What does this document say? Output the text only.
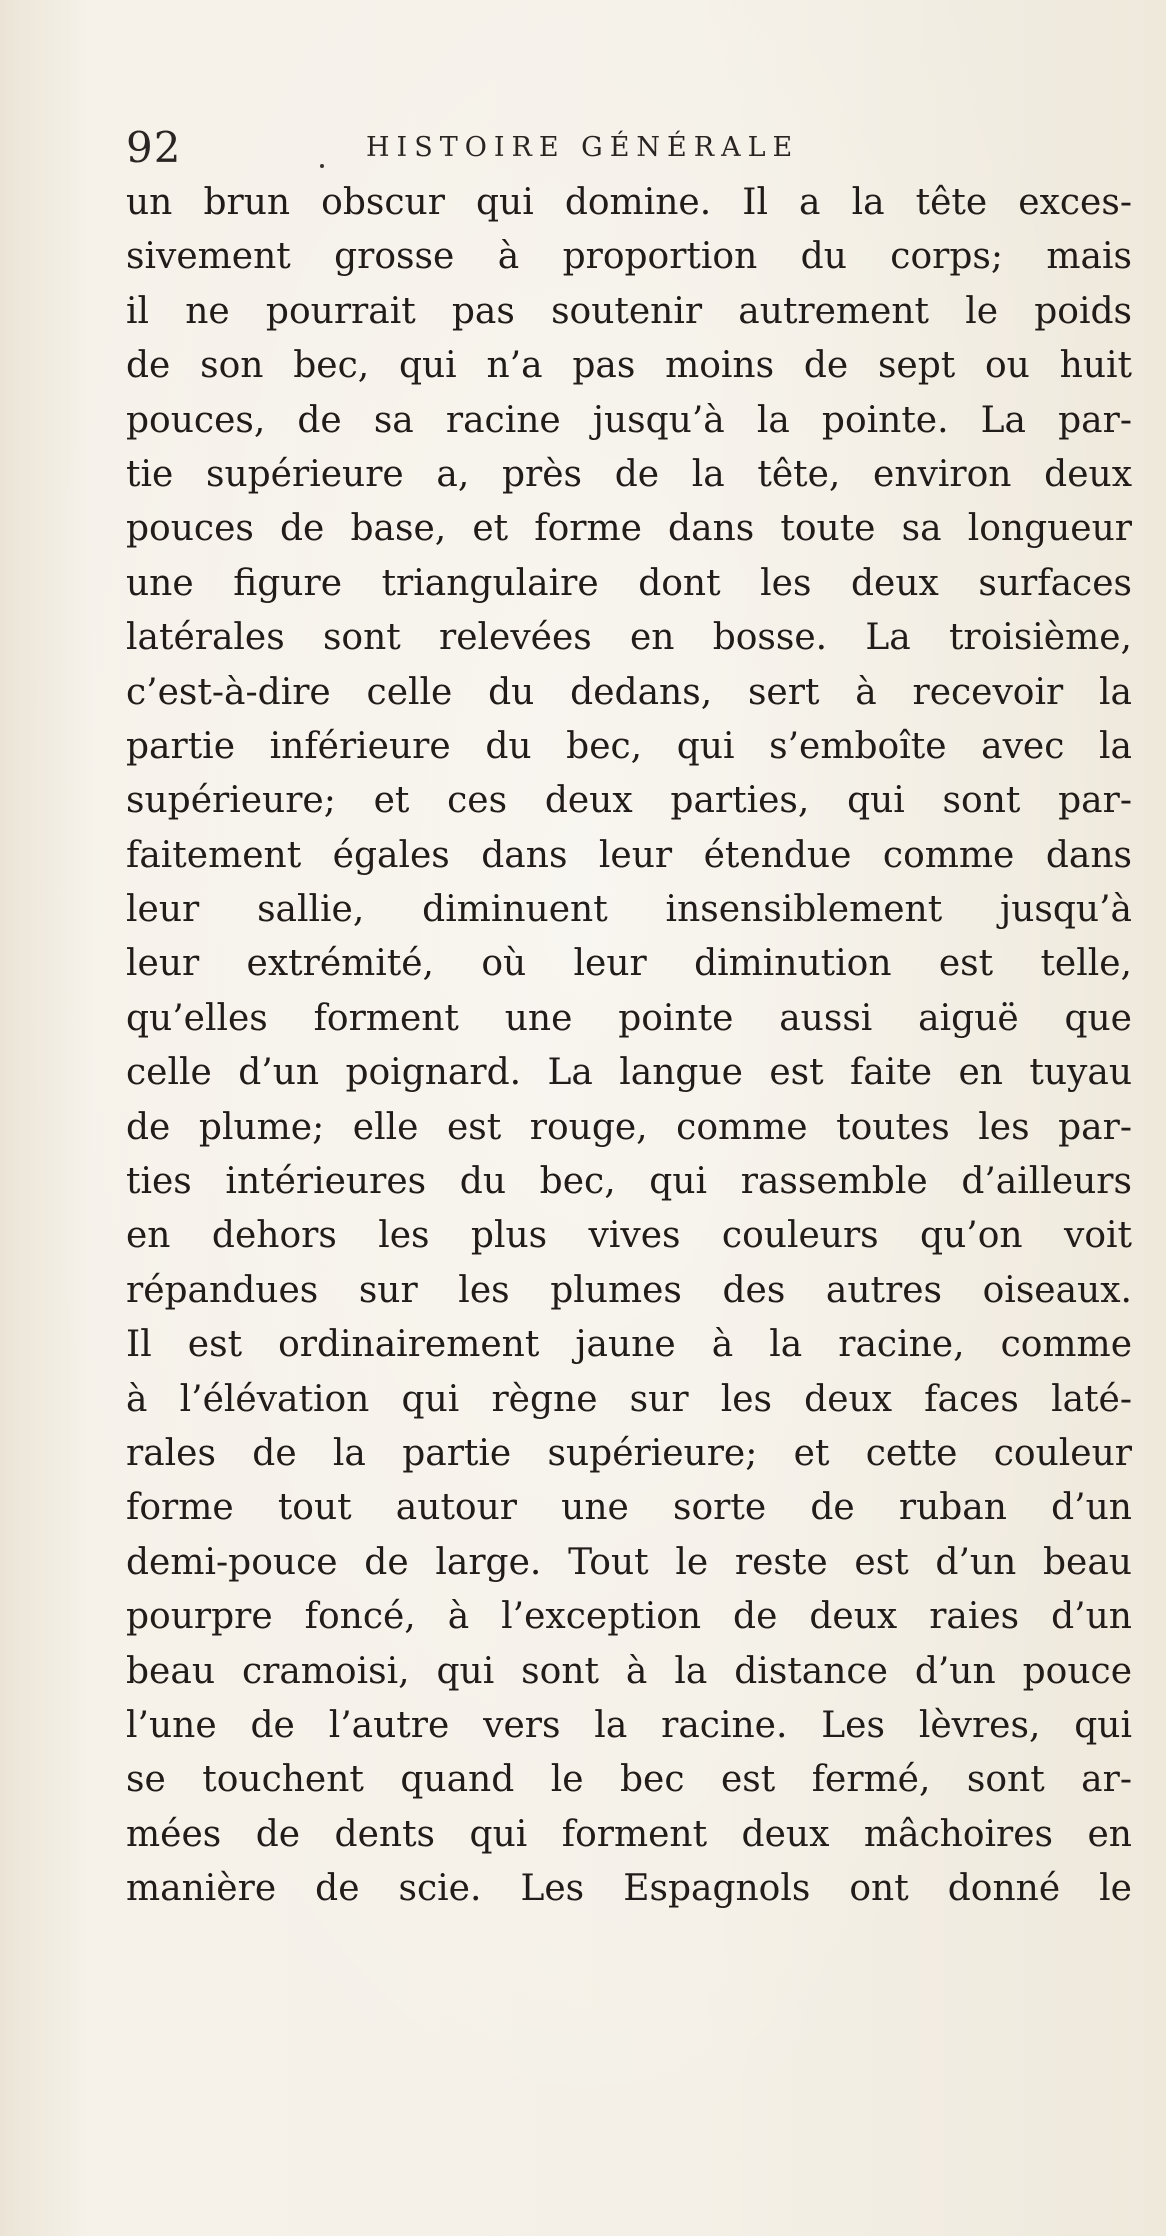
92	HISTOIRE GÉNÉRALE
un brun obscur qui domine. Il a la tête exces-
sivement grosse à proportion du corps; mais
il ne pourrait pas soutenir autrement le poids
de son bec, qui n’a pas moins de sept ou huit
pouces, de sa racine jusqu’à la pointe. La par-
tie supérieure a, près de la tête, environ deux
pouces de base, et forme dans toute sa longueur
une figure triangulaire dont les deux surfaces
latérales sont relevées en bosse. La troisième,
c’est-à-dire celle du dedans, sert à recevoir la
partie inférieure du bec, qui s’emboîte avec la
supérieure; et ces deux parties, qui sont par-
faitement égales dans leur étendue comme dans
leur sallie, diminuent insensiblement jusqu’à
leur extrémité, où leur diminution est telle,
qu’elles forment une pointe aussi aiguë que
celle d’un poignard. La langue est faite en tuyau
de plume; elle est rouge, comme toutes les par-
ties intérieures du bec, qui rassemble d’ailleurs
en dehors les plus vives couleurs qu’on voit
répandues sur les plumes des autres oiseaux.
Il est ordinairement jaune à la racine, comme
à l’élévation qui règne sur les deux faces laté-
rales de la partie supérieure; et cette couleur
forme tout autour une sorte de ruban d’un
demi-pouce de large. Tout le reste est d’un beau
pourpre foncé, à l’exception de deux raies d’un
beau cramoisi, qui sont à la distance d’un pouce
l’une de l’autre vers la racine. Les lèvres, qui
se touchent quand le bec est fermé, sont ar-
mées de dents qui forment deux mâchoires en
manière de scie. Les Espagnols ont donné le
